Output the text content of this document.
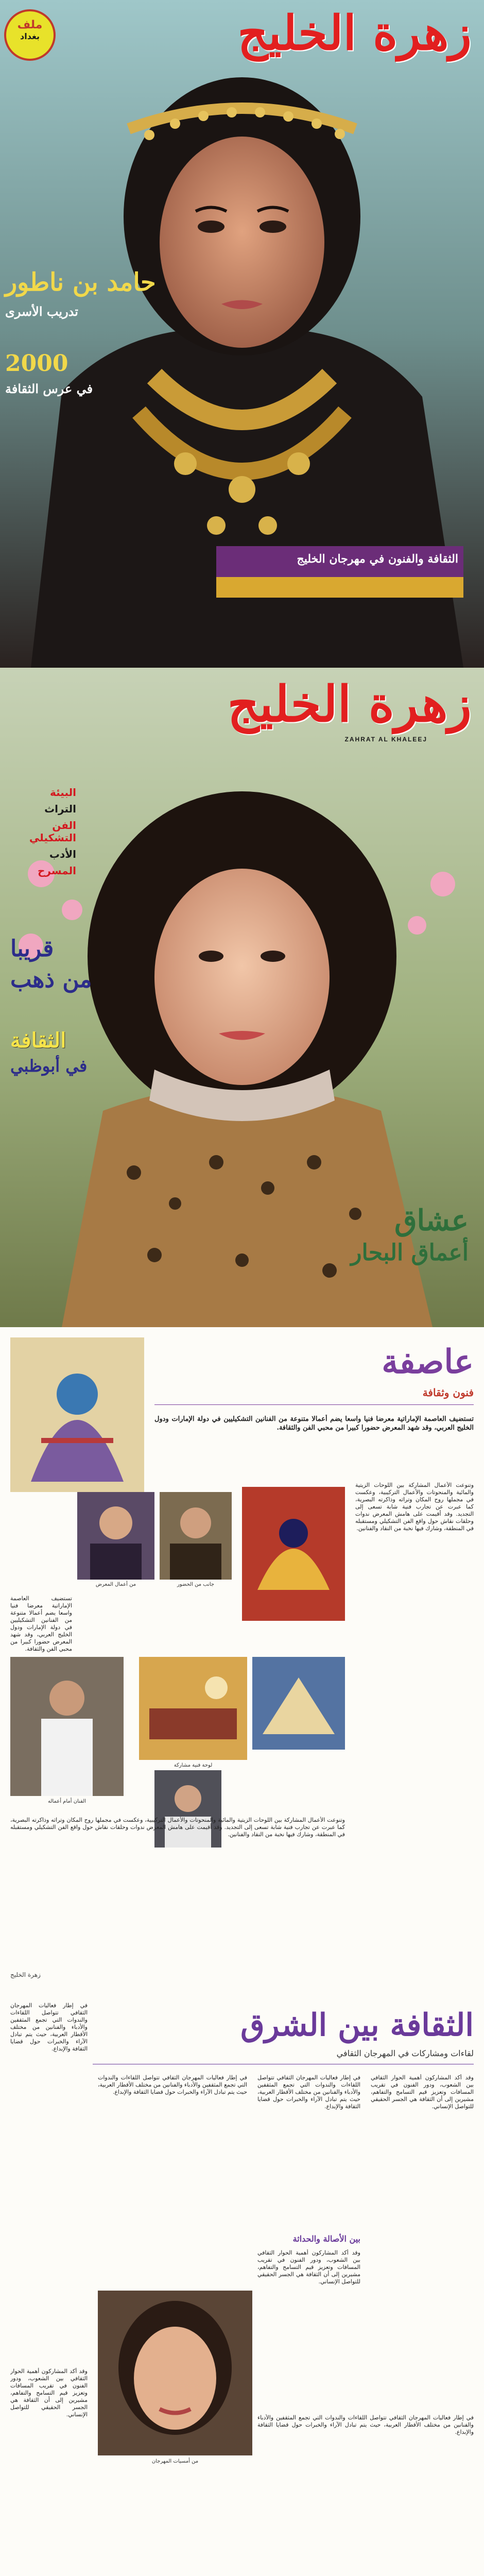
ملف
بغداد	زهرة الخليج
حامد بن ناطور
تدريب الأسرى
2000
في عرس الثقافة
الثقافة والفنون في مهرجان الخليج
زهرة الخليج
ZAHRAT AL KHALEEJ
البيئة
التراث
الفن التشكيلي
الأدب
المسرح
قريبا
من ذهب
الثقافة
في أبوظبي
عشاق
أعماق البحار
عاصفة
فنون وثقافة
تستضيف العاصمة الإماراتية معرضا فنيا واسعا يضم أعمالا متنوعة من الفنانين التشكيليين في دولة الإمارات ودول الخليج العربي، وقد شهد المعرض حضورا كبيرا من محبي الفن والثقافة.
من أعمال المعرض	جانب من الحضور
وتنوعت الأعمال المشاركة بين اللوحات الزيتية والمائية والمنحوتات والأعمال التركيبية، وعكست في مجملها روح المكان وتراثه وذاكرته البصرية، كما عبرت عن تجارب فنية شابة تسعى إلى التجديد. وقد أقيمت على هامش المعرض ندوات وحلقات نقاش حول واقع الفن التشكيلي ومستقبله في المنطقة، وشارك فيها نخبة من النقاد والفنانين.
تستضيف العاصمة الإماراتية معرضا فنيا واسعا يضم أعمالا متنوعة من الفنانين التشكيليين في دولة الإمارات ودول الخليج العربي، وقد شهد المعرض حضورا كبيرا من محبي الفن والثقافة.
لوحة فنية مشاركة
الفنان أمام أعماله
وتنوعت الأعمال المشاركة بين اللوحات الزيتية والمائية والمنحوتات والأعمال التركيبية، وعكست في مجملها روح المكان وتراثه وذاكرته البصرية، كما عبرت عن تجارب فنية شابة تسعى إلى التجديد. وقد أقيمت على هامش المعرض ندوات وحلقات نقاش حول واقع الفن التشكيلي ومستقبله في المنطقة، وشارك فيها نخبة من النقاد والفنانين.
زهرة الخليج
الثقافة بين الشرق
لقاءات ومشاركات في المهرجان الثقافي
في إطار فعاليات المهرجان الثقافي تتواصل اللقاءات والندوات التي تجمع المثقفين والأدباء والفنانين من مختلف الأقطار العربية، حيث يتم تبادل الآراء والخبرات حول قضايا الثقافة والإبداع.
وقد أكد المشاركون أهمية الحوار الثقافي بين الشعوب، ودور الفنون في تقريب المسافات وتعزيز قيم التسامح والتفاهم، مشيرين إلى أن الثقافة هي الجسر الحقيقي للتواصل الإنساني.
في إطار فعاليات المهرجان الثقافي تتواصل اللقاءات والندوات التي تجمع المثقفين والأدباء والفنانين من مختلف الأقطار العربية، حيث يتم تبادل الآراء والخبرات حول قضايا الثقافة والإبداع.
بين الأصالة والحداثة
وقد أكد المشاركون أهمية الحوار الثقافي بين الشعوب، ودور الفنون في تقريب المسافات وتعزيز قيم التسامح والتفاهم، مشيرين إلى أن الثقافة هي الجسر الحقيقي للتواصل الإنساني.
في إطار فعاليات المهرجان الثقافي تتواصل اللقاءات والندوات التي تجمع المثقفين والأدباء والفنانين من مختلف الأقطار العربية، حيث يتم تبادل الآراء والخبرات حول قضايا الثقافة والإبداع.
من أمسيات المهرجان
وقد أكد المشاركون أهمية الحوار الثقافي بين الشعوب، ودور الفنون في تقريب المسافات وتعزيز قيم التسامح والتفاهم، مشيرين إلى أن الثقافة هي الجسر الحقيقي للتواصل الإنساني.	في إطار فعاليات المهرجان الثقافي تتواصل اللقاءات والندوات التي تجمع المثقفين والأدباء والفنانين من مختلف الأقطار العربية، حيث يتم تبادل الآراء والخبرات حول قضايا الثقافة والإبداع.
